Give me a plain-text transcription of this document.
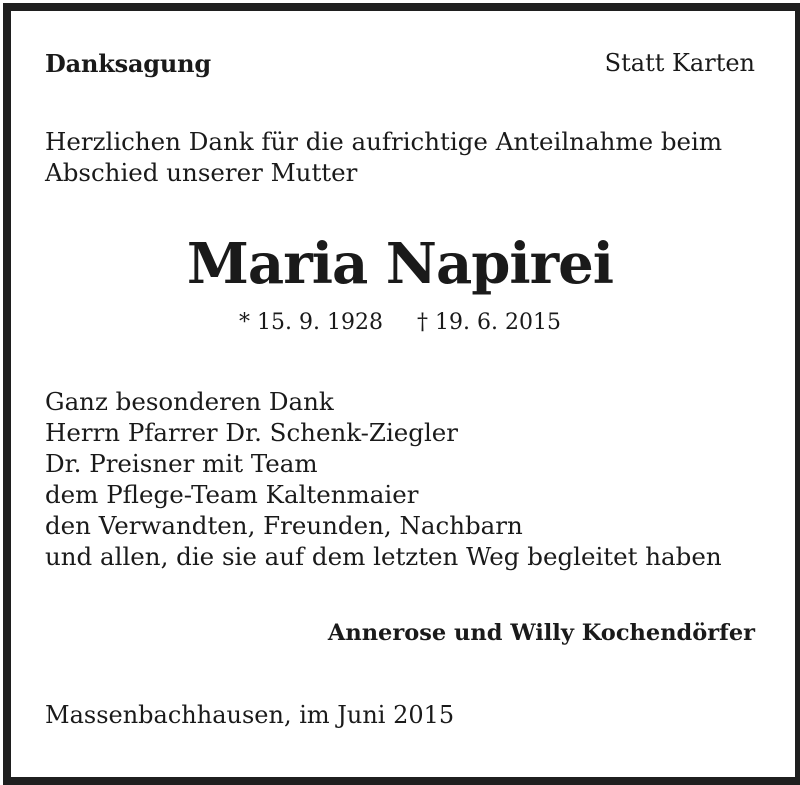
Danksagung	Statt Karten
Herzlichen Dank für die aufrichtige Anteilnahme beim
Abschied unserer Mutter
Maria Napirei
* 15. 9. 1928 † 19. 6. 2015
Ganz besonderen Dank
Herrn Pfarrer Dr. Schenk-Ziegler
Dr. Preisner mit Team
dem Pflege-Team Kaltenmaier
den Verwandten, Freunden, Nachbarn
und allen, die sie auf dem letzten Weg begleitet haben
Annerose und Willy Kochendörfer
Massenbachhausen, im Juni 2015
